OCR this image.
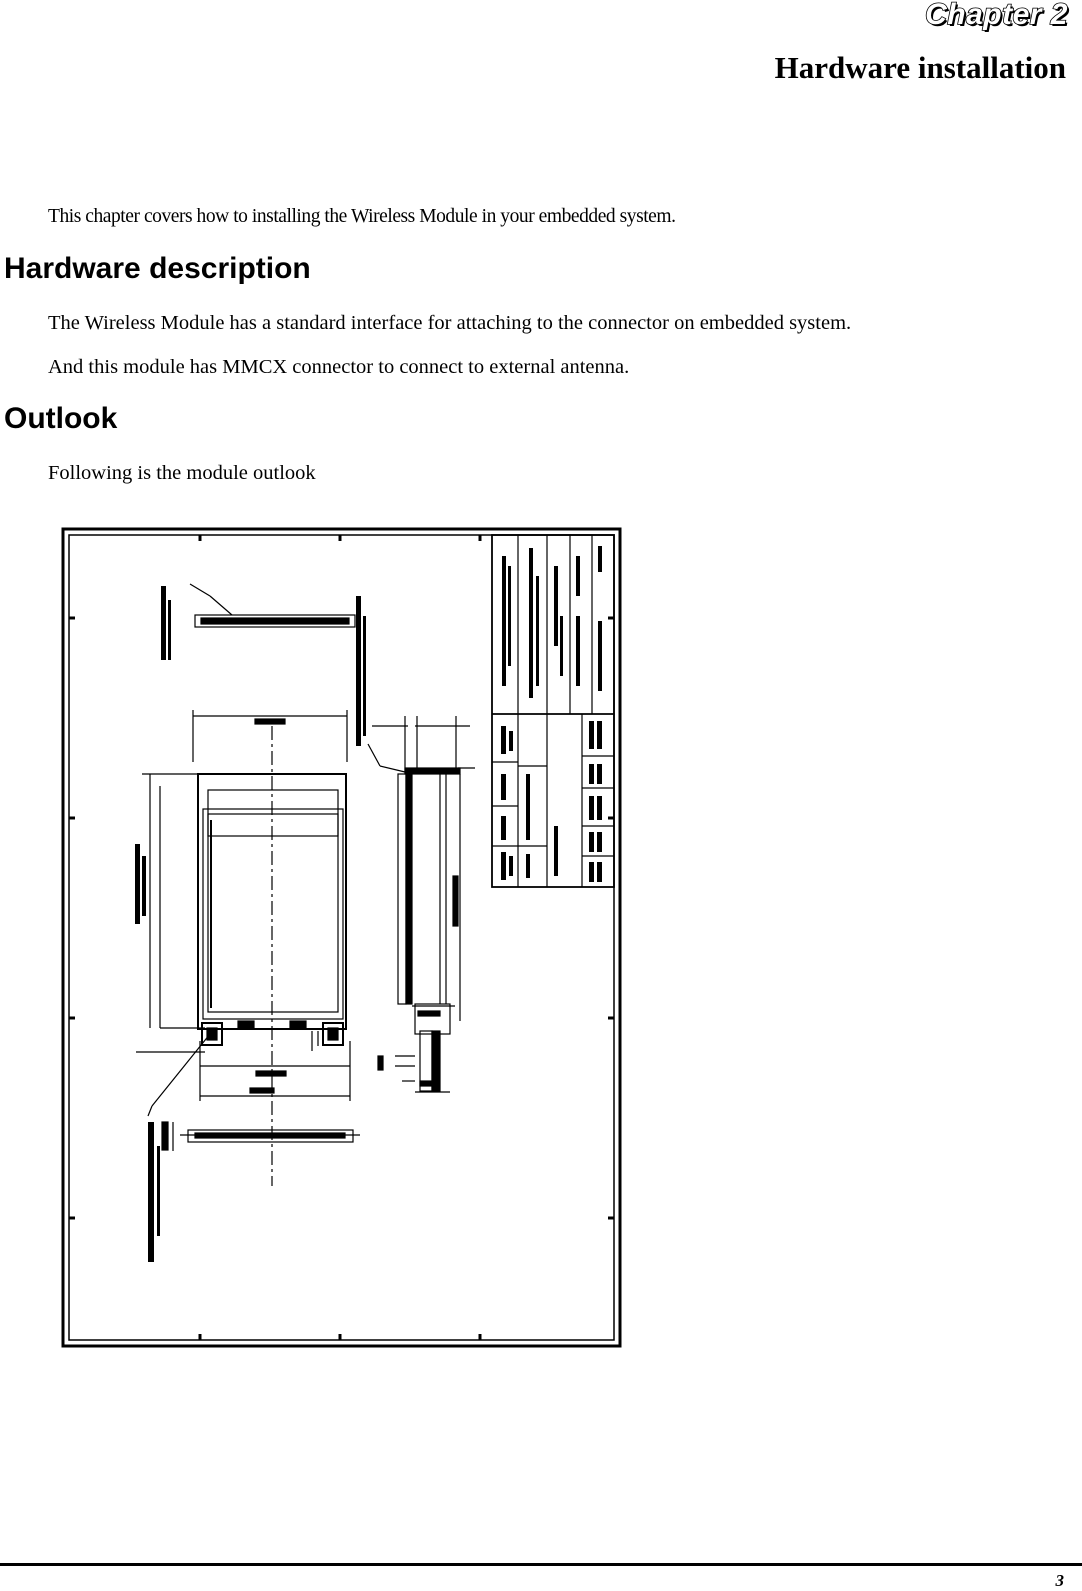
Chapter 2
Hardware installation

This chapter covers how to installing the Wireless Module in your embedded system.

Hardware description

The Wireless Module has a standard interface for attaching to the connector on embedded system.

And this module has MMCX connector to connect to external antenna.

Outlook

Following is the module outlook

3
